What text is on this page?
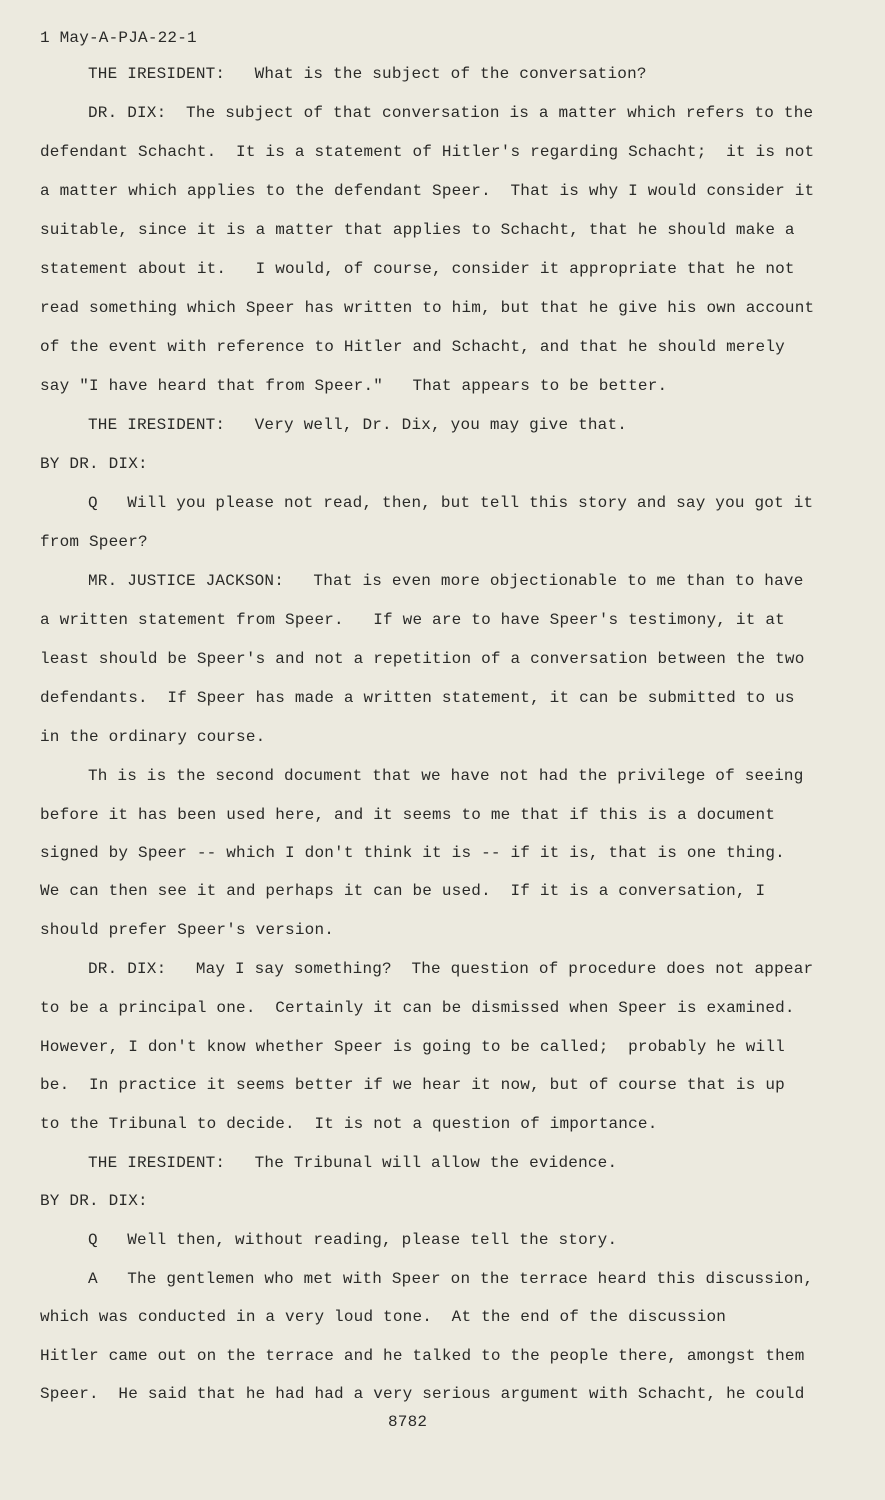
1 May-A-PJA-22-1
THE IRESIDENT:   What is the subject of the conversation?
DR. DIX:  The subject of that conversation is a matter which refers to the
defendant Schacht.  It is a statement of Hitler's regarding Schacht;  it is not
a matter which applies to the defendant Speer.  That is why I would consider it
suitable, since it is a matter that applies to Schacht, that he should make a
statement about it.   I would, of course, consider it appropriate that he not
read something which Speer has written to him, but that he give his own account
of the event with reference to Hitler and Schacht, and that he should merely
say "I have heard that from Speer."   That appears to be better.
THE IRESIDENT:   Very well, Dr. Dix, you may give that.
BY DR. DIX:
Q   Will you please not read, then, but tell this story and say you got it
from Speer?
MR. JUSTICE JACKSON:   That is even more objectionable to me than to have
a written statement from Speer.   If we are to have Speer's testimony, it at
least should be Speer's and not a repetition of a conversation between the two
defendants.  If Speer has made a written statement, it can be submitted to us
in the ordinary course.
Th is is the second document that we have not had the privilege of seeing
before it has been used here, and it seems to me that if this is a document
signed by Speer -- which I don't think it is -- if it is, that is one thing.
We can then see it and perhaps it can be used.  If it is a conversation, I
should prefer Speer's version.
DR. DIX:   May I say something?  The question of procedure does not appear
to be a principal one.  Certainly it can be dismissed when Speer is examined.
However, I don't know whether Speer is going to be called;  probably he will
be.  In practice it seems better if we hear it now, but of course that is up
to the Tribunal to decide.  It is not a question of importance.
THE IRESIDENT:   The Tribunal will allow the evidence.
BY DR. DIX:
Q   Well then, without reading, please tell the story.
A   The gentlemen who met with Speer on the terrace heard this discussion,
which was conducted in a very loud tone.  At the end of the discussion
Hitler came out on the terrace and he talked to the people there, amongst them
Speer.  He said that he had had a very serious argument with Schacht, he could
8782
